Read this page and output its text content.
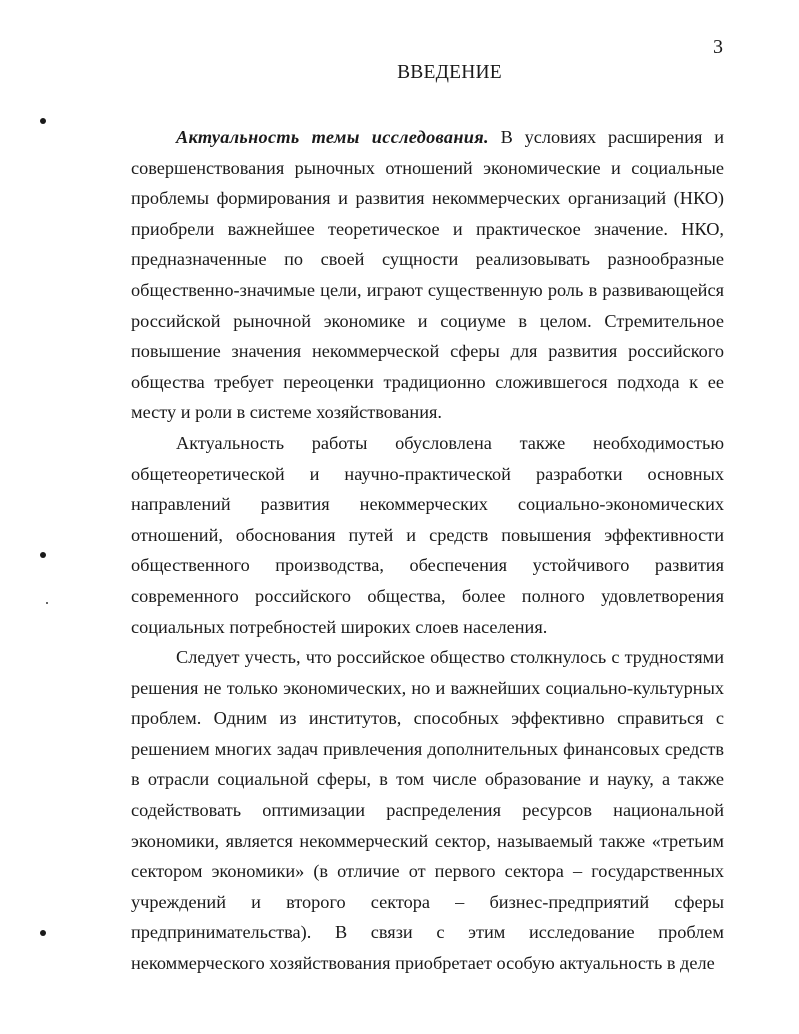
3
ВВЕДЕНИЕ

Актуальность темы исследования. В условиях расширения и совершенствования рыночных отношений экономические и социальные проблемы формирования и развития некоммерческих организаций (НКО) приобрели важнейшее теоретическое и практическое значение. НКО, предназначенные по своей сущности реализовывать разнообразные общественно-значимые цели, играют существенную роль в развивающейся российской рыночной экономике и социуме в целом. Стремительное повышение значения некоммерческой сферы для развития российского общества требует переоценки традиционно сложившегося подхода к ее месту и роли в системе хозяйствования.

Актуальность работы обусловлена также необходимостью общетеоретической и научно-практической разработки основных направлений развития некоммерческих социально-экономических отношений, обоснования путей и средств повышения эффективности общественного производства, обеспечения устойчивого развития современного российского общества, более полного удовлетворения социальных потребностей широких слоев населения.

Следует учесть, что российское общество столкнулось с трудностями решения не только экономических, но и важнейших социально-культурных проблем. Одним из институтов, способных эффективно справиться с решением многих задач привлечения дополнительных финансовых средств в отрасли социальной сферы, в том числе образование и науку, а также содействовать оптимизации распределения ресурсов национальной экономики, является некоммерческий сектор, называемый также «третьим сектором экономики» (в отличие от первого сектора – государственных учреждений и второго сектора – бизнес-предприятий сферы предпринимательства). В связи с этим исследование проблем некоммерческого хозяйствования приобретает особую актуальность в деле
